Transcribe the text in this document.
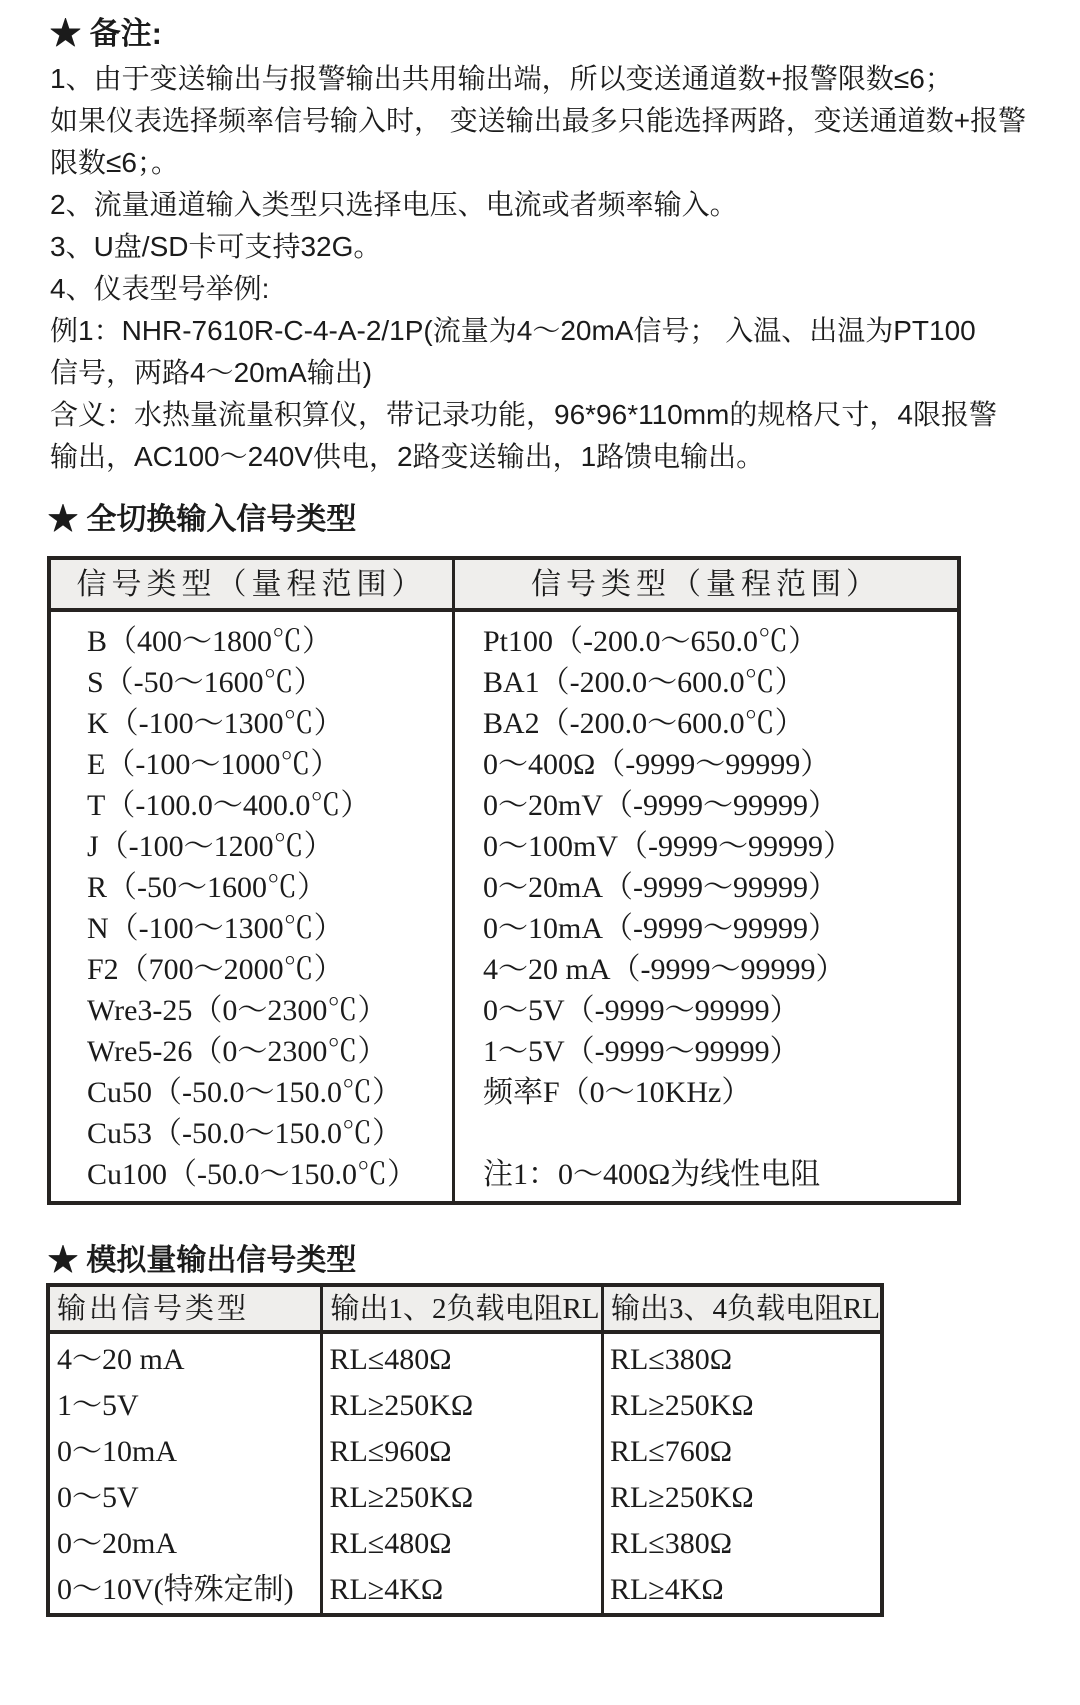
★ 备注:
1、由于变送输出与报警输出共用输出端，所以变送通道数+报警限数≤6；
如果仪表选择频率信号输入时， 变送输出最多只能选择两路，变送通道数+报警
限数≤6；。
2、流量通道输入类型只选择电压、电流或者频率输入。
3、U盘/SD卡可支持32G。
4、仪表型号举例:
例1：NHR-7610R-C-4-A-2/1P(流量为4～20mA信号； 入温、出温为PT100
信号，两路4～20mA输出)
含义：水热量流量积算仪，带记录功能，96*96*110mm的规格尺寸，4限报警
输出，AC100～240V供电，2路变送输出，1路馈电输出。
★ 全切换输入信号类型
信号类型（量程范围）
B（400～1800℃）
S（-50～1600℃）
K（-100～1300℃）
E（-100～1000℃）
T（-100.0～400.0℃）
J（-100～1200℃）
R（-50～1600℃）
N（-100～1300℃）
F2（700～2000℃）
Wre3-25（0～2300℃）
Wre5-26（0～2300℃）
Cu50（-50.0～150.0℃）
Cu53（-50.0～150.0℃）
Cu100（-50.0～150.0℃）
信号类型（量程范围）
Pt100（-200.0～650.0℃）
BA1（-200.0～600.0℃）
BA2（-200.0～600.0℃）
0～400Ω（-9999～99999）
0～20mV（-9999～99999）
0～100mV（-9999～99999）
0～20mA（-9999～99999）
0～10mA（-9999～99999）
4～20 mA（-9999～99999）
0～5V（-9999～99999）
1～5V（-9999～99999）
频率F（0～10KHz）
注1：0～400Ω为线性电阻
★ 模拟量输出信号类型
输出信号类型
4～20 mA
1～5V
0～10mA
0～5V
0～20mA
0～10V(特殊定制)
输出1、2负载电阻RL
RL≤480Ω
RL≥250KΩ
RL≤960Ω
RL≥250KΩ
RL≤480Ω
RL≥4KΩ
输出3、4负载电阻RL
RL≤380Ω
RL≥250KΩ
RL≤760Ω
RL≥250KΩ
RL≤380Ω
RL≥4KΩ
